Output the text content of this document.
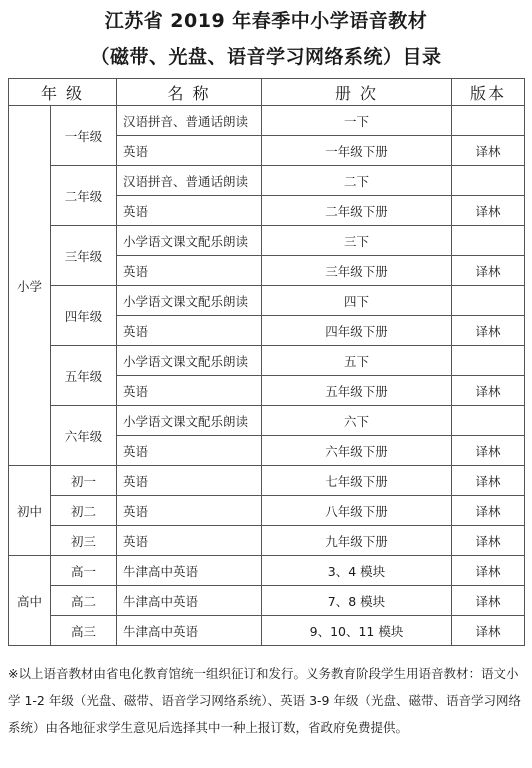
江苏省 2019 年春季中小学语音教材
（磁带、光盘、语音学习网络系统）目录
年 级		名 称	册 次	版本
小学	一年级	汉语拼音、普通话朗读	一下	
		英语	一年级下册	译林
	二年级	汉语拼音、普通话朗读	二下	
		英语	二年级下册	译林
	三年级	小学语文课文配乐朗读	三下	
		英语	三年级下册	译林
	四年级	小学语文课文配乐朗读	四下	
		英语	四年级下册	译林
	五年级	小学语文课文配乐朗读	五下	
		英语	五年级下册	译林
	六年级	小学语文课文配乐朗读	六下	
		英语	六年级下册	译林
初中	初一	英语	七年级下册	译林
	初二	英语	八年级下册	译林
	初三	英语	九年级下册	译林
高中	高一	牛津高中英语	3、4 模块	译林
	高二	牛津高中英语	7、8 模块	译林
	高三	牛津高中英语	9、10、11 模块	译林
※以上语音教材由省电化教育馆统一组织征订和发行。义务教育阶段学生用语音教材：语文小学 1-2 年级（光盘、磁带、语音学习网络系统）、英语 3-9 年级（光盘、磁带、语音学习网络系统）由各地征求学生意见后选择其中一种上报订数，省政府免费提供。
